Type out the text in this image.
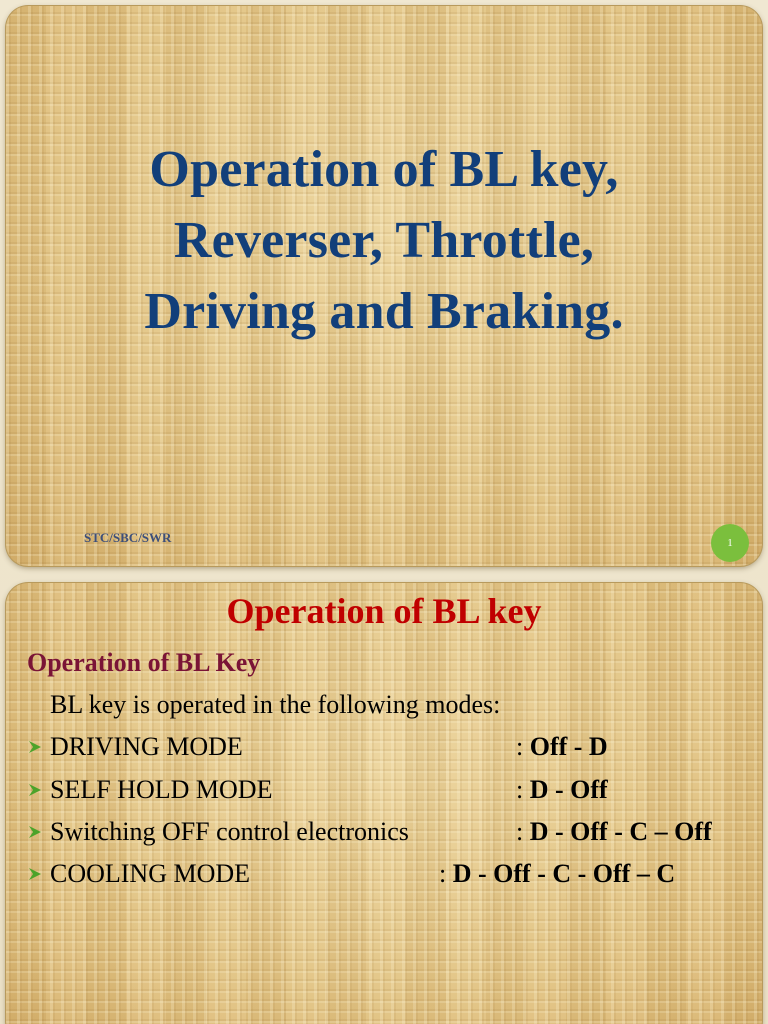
Operation of BL key,
Reverser, Throttle,
Driving and Braking.
STC/SBC/SWR	1
Operation of BL key
Operation of BL Key
BL key is operated in the following modes:
DRIVING MODE	: Off - D
SELF HOLD MODE	: D - Off
Switching OFF control electronics	: D - Off - C – Off
COOLING MODE	: D - Off - C - Off – C
